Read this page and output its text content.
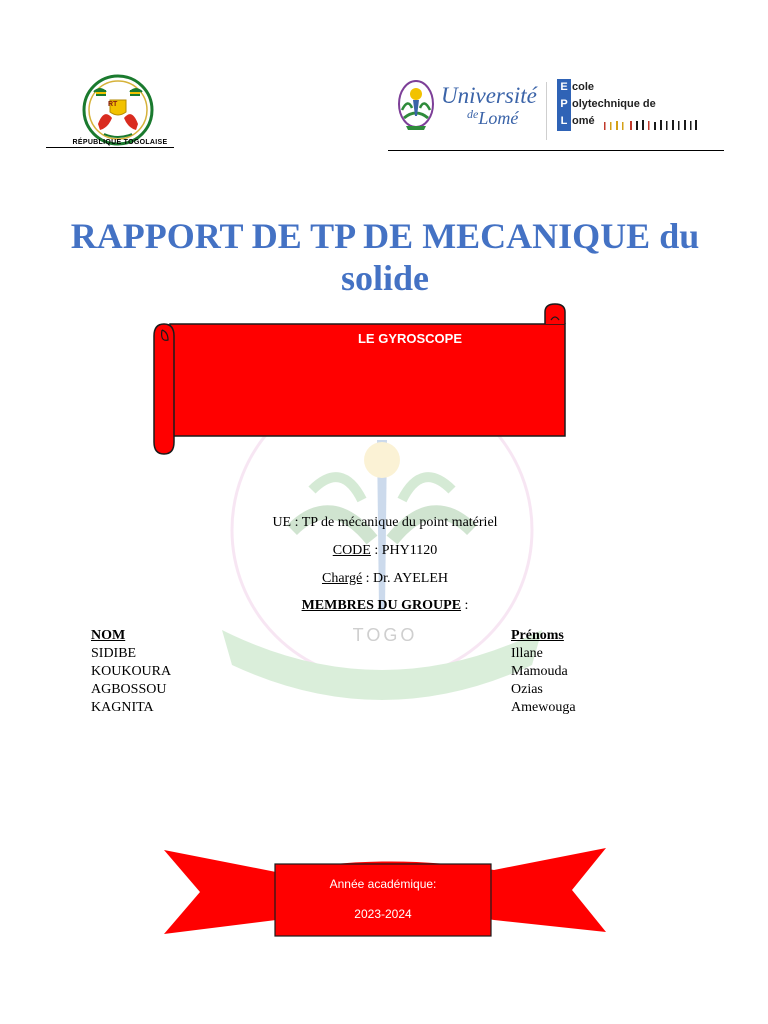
RT
RÉPUBLIQUE TOGOLAISE
Université
$^{de}$Lomé
E
P
L
cole
olytechnique de
omé
TOGO
RAPPORT DE TP DE MECANIQUE du
solide
LE GYROSCOPE
UE : TP de mécanique du point matériel
CODE : PHY1120
Chargé : Dr. AYELEH
MEMBRES DU GROUPE :
NOM
SIDIBE
KOUKOURA
AGBOSSOU
KAGNITA
Prénoms
Illane
Mamouda
Ozias
Amewouga
Année académique:
2023-2024
